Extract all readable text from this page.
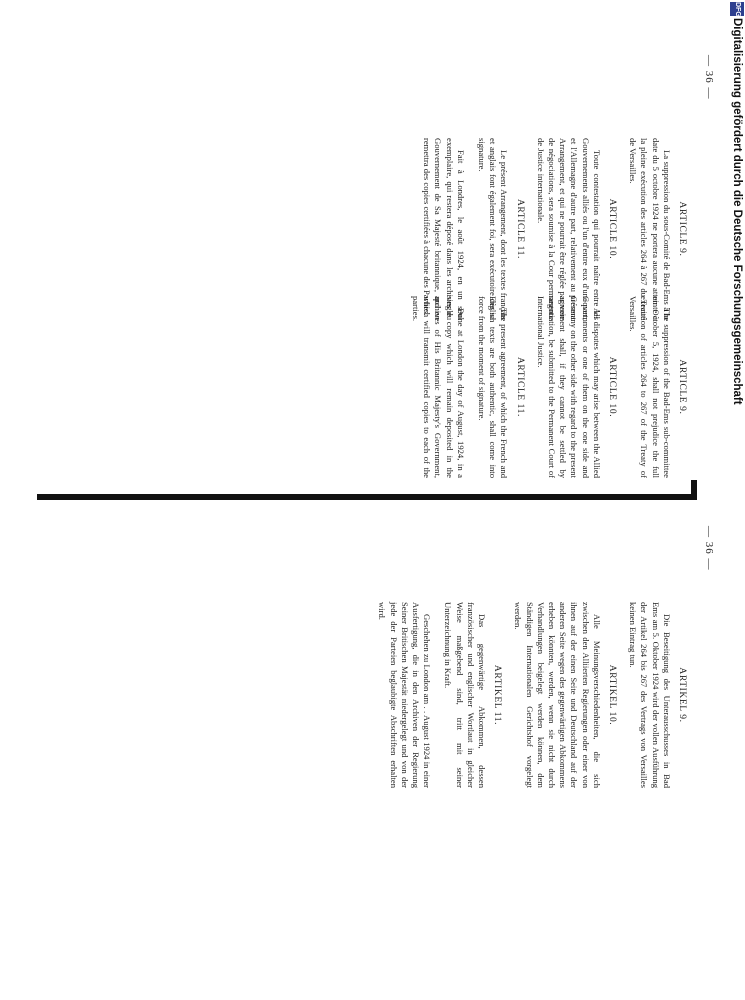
— 36 —

ARTICLE 9.

La suppression du sous-Comité de Bad-Ems à la date du 5 octobre 1924 ne portera aucune atteinte à la pleine exécution des articles 264 à 267 du Traité de Versailles.

ARTICLE 10.

Toute contestation qui pourrait naître entre les Gouvernements alliés ou l'un d'entre eux d'une part, et l'Allemagne d'autre part, relativement au présent Arrangement, et qui ne pourrait être réglée par voie de négociations, sera soumise à la Cour permanente de Justice internationale.

ARTICLE 11.

Le présent Arrangement, dont les textes français et anglais font également foi, sera exécutoire dès sa signature.

Fait à Londres, le août 1924, en un seul exemplaire, qui restera déposé dans les archives du Gouvernement de Sa Majesté britannique, qui en remettra des copies certifiées à chacune des Parties.

ARTICLE 9.

The suppression of the Bad-Ems sub-committee on October 5, 1924, shall not prejudice the full execution of articles 264 to 267 of the Treaty of Versailles.

ARTICLE 10.

All disputes which may arise between the Allied Governments or one of them on the one side and Germany on the other side with regard to the present agreement shall, if they cannot be settled by negotiation, be submitted to the Permanent Court of International Justice.

ARTICLE 11.

The present agreement, of which the French and English texts are both authentic, shall come into force from the moment of signature.

Done at London the day of August, 1924, in a single copy which will remain deposited in the archives of His Britannic Majesty's Government, which will transmit certified copies to each of the parties.

— 36 —

ARTIKEL 9.

Die Beseitigung des Unterausschusses in Bad Ems am 5. Oktober 1924 wird der vollen Ausführung der Artikel 264 bis 267 des Vertrags von Versailles keinen Eintrag tun.

ARTIKEL 10.

Alle Meinungsverschiedenheiten, die sich zwischen den Alliierten Regierungen oder einer von ihnen auf der einen Seite und Deutschland auf der anderen Seite wegen des gegenwärtigen Abkommens erheben könnten, werden, wenn sie nicht durch Verhandlungen beigelegt werden können, dem Ständigen Internationalen Gerichtshof vorgelegt werden.

ARTIKEL 11.

Das gegenwärtige Abkommen, dessen französischer und englischer Wortlaut in gleicher Weise maßgebend sind, tritt mit seiner Unterzeichnung in Kraft.

Geschehen zu London am . . August 1924 in einer Ausfertigung, die in den Archiven der Regierung Seiner Britischen Majestät niedergelegt und von der jede der Parteien beglaubigte Abschriften erhalten wird.

DFG
Digitalisierung gefördert durch die Deutsche Forschungsgemeinschaft
